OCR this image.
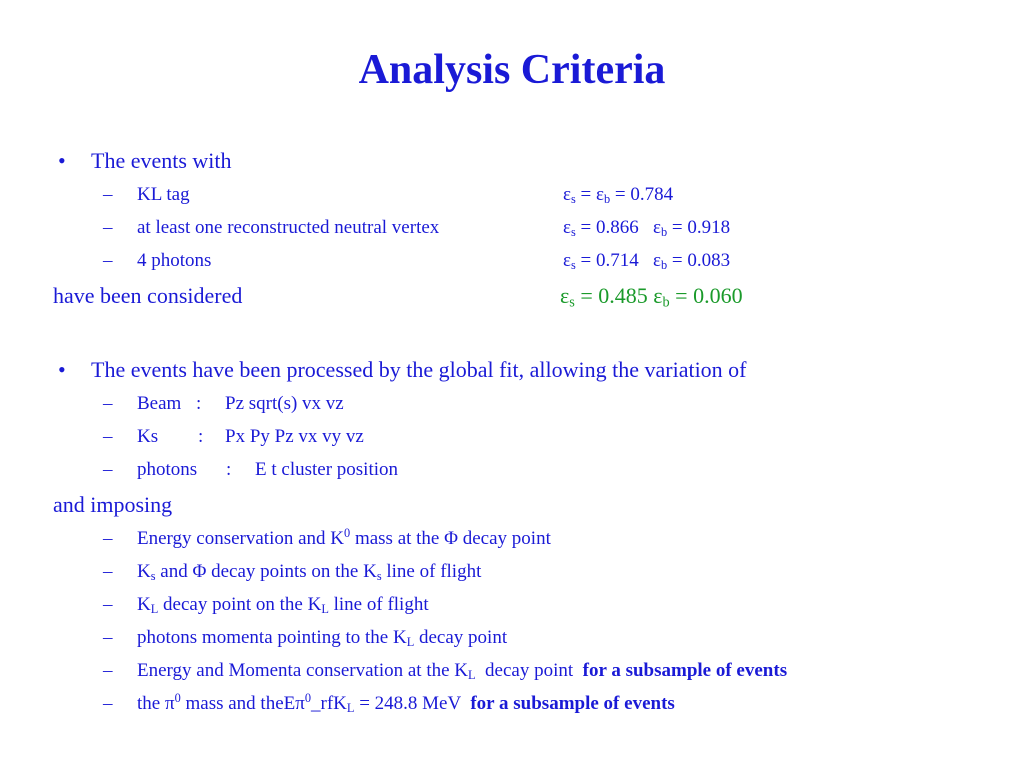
Analysis Criteria
• The events with
– KL tag	$\varepsilon_s = \varepsilon_b = 0.784$
– at least one reconstructed neutral vertex	$\varepsilon_s = 0.866$ $\varepsilon_b = 0.918$
– 4 photons	$\varepsilon_s = 0.714$ $\varepsilon_b = 0.083$
have been considered	$\varepsilon_s = 0.485$ $\varepsilon_b = 0.060$
• The events have been processed by the global fit, allowing the variation of
– Beam : Pz sqrt(s) vx vz
– Ks : Px Py Pz vx vy vz
– photons : E t cluster position
and imposing
– Energy conservation and $K^0$ mass at the Φ decay point
– $K_s$ and Φ decay points on the $K_s$ line of flight
– $K_L$ decay point on the $K_L$ line of flight
– photons momenta pointing to the $K_L$ decay point
– Energy and Momenta conservation at the $K_L$  decay point  for a subsample of events
– the $\pi^0$ mass and theEπ$^0$_rfK$_L$ = 248.8 MeV  for a subsample of events
